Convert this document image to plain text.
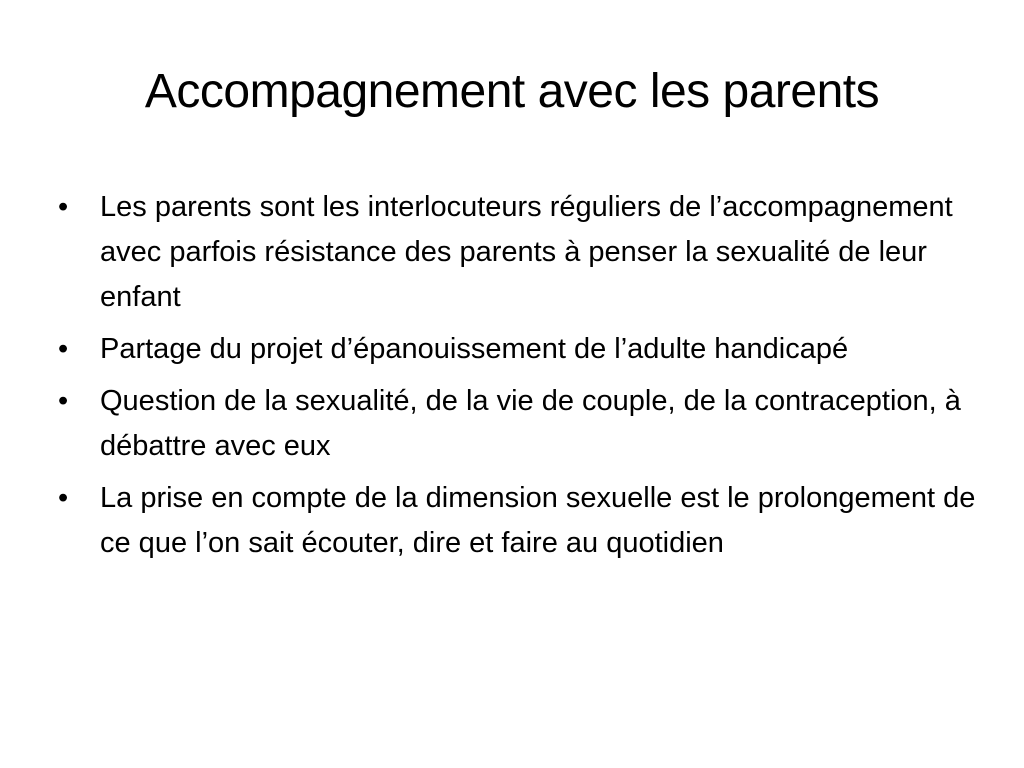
Accompagnement avec les parents
•	Les parents sont les interlocuteurs réguliers de l’accompagnement avec parfois résistance des parents à penser la sexualité de leur enfant
•	Partage du projet d’épanouissement de l’adulte handicapé
•	Question de la sexualité, de la vie de couple, de la contraception, à débattre avec eux
•	La prise en compte de la dimension sexuelle est le prolongement de ce que l’on sait écouter, dire et faire au quotidien
